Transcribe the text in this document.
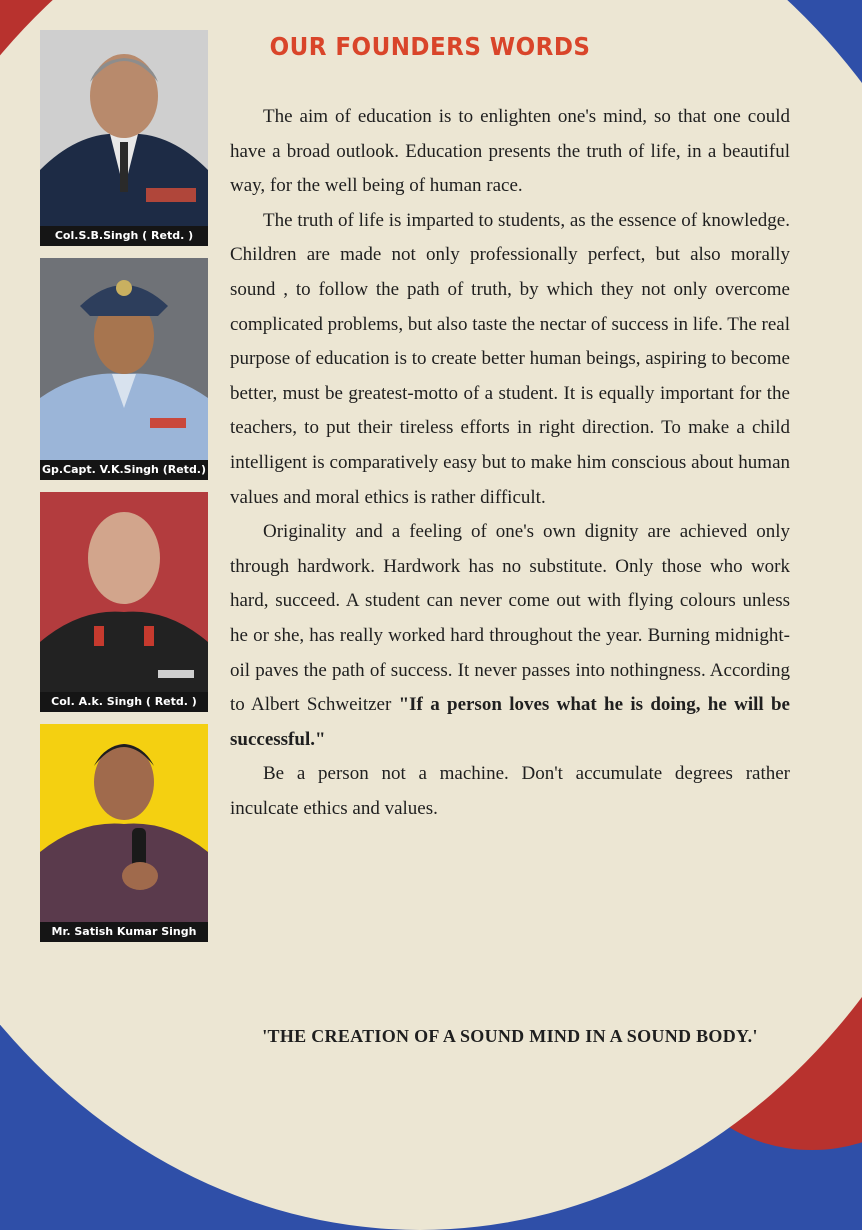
OUR FOUNDERS WORDS
Col.S.B.Singh ( Retd. )
Gp.Capt. V.K.Singh (Retd.)
Col. A.k. Singh ( Retd. )
Mr. Satish Kumar Singh

The aim of education is to enlighten one's mind, so that one could have a broad outlook. Education presents the truth of life, in a beautiful way, for the well being of human race.

The truth of life is imparted to students, as the essence of knowledge. Children are made not only professionally perfect, but also morally sound , to follow the path of truth, by which they not only overcome complicated problems, but also taste the nectar of success in life. The real purpose of education is to create better human beings, aspiring to become better, must be greatest-motto of a student. It is equally important for the teachers, to put their tireless efforts in right direction. To make a child intelligent is comparatively easy but to make him conscious about human values and moral ethics is rather difficult.

Originality and a feeling of one's own dignity are achieved only through hardwork. Hardwork has no substitute. Only those who work hard, succeed. A student can never come out with flying colours unless he or she, has really worked hard throughout the year. Burning midnight-oil paves the path of success. It never passes into nothingness. According to Albert Schweitzer "If a person loves what he is doing, he will be successful."

Be a person not a machine. Don't accumulate degrees rather inculcate ethics and values.

'THE CREATION OF A SOUND MIND IN A SOUND BODY.'
